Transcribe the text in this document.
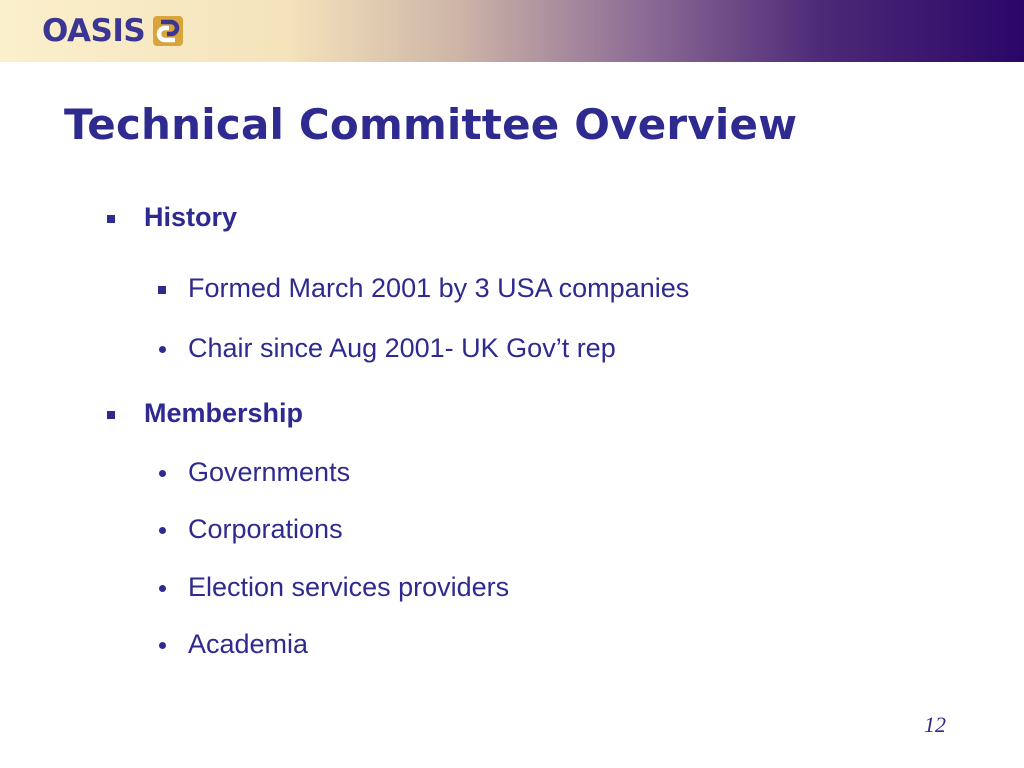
OASIS
Technical Committee Overview
History
Formed March 2001 by 3 USA companies
Chair since Aug 2001- UK Gov’t rep
Membership
Governments
Corporations
Election services providers
Academia
12
